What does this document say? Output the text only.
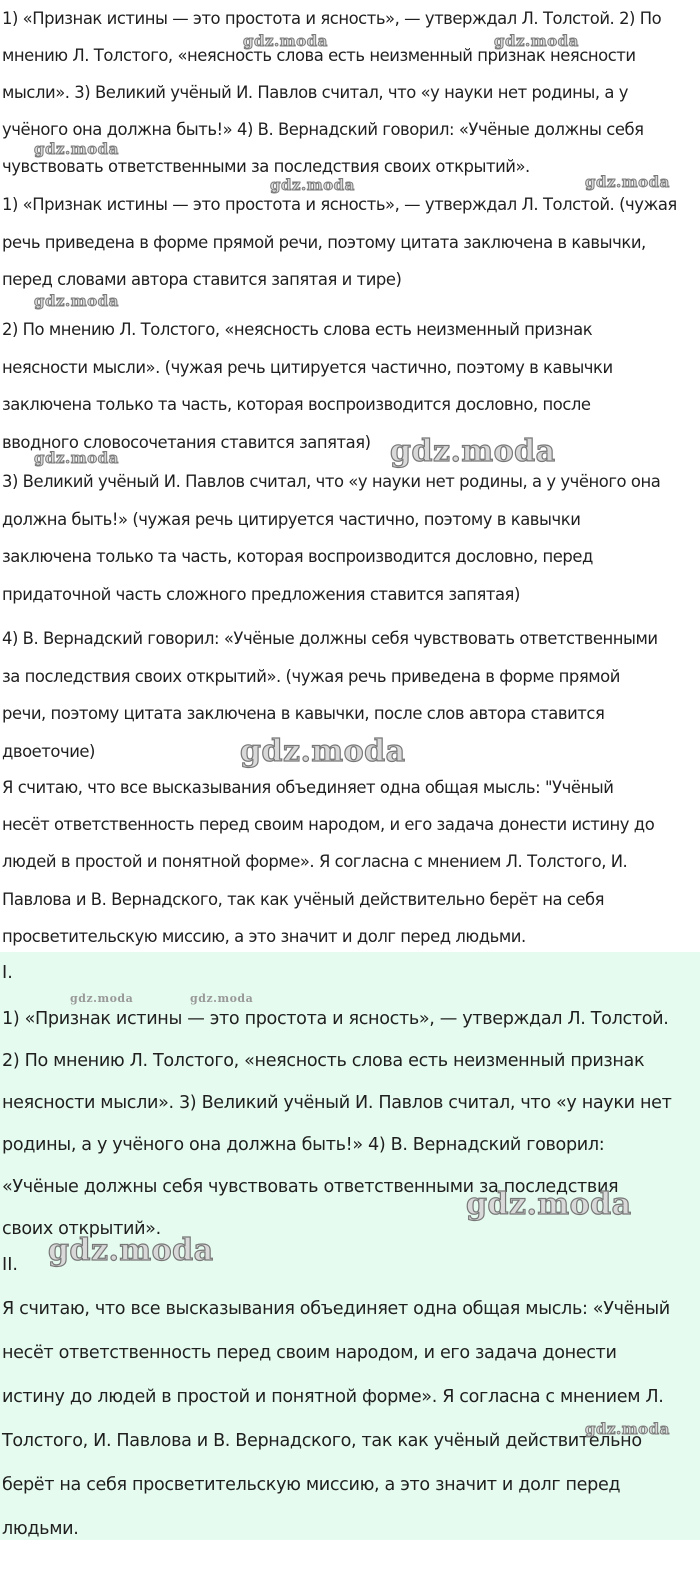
1) «Признак истины — это простота и ясность», — утверждал Л. Толстой. 2) По
мнению Л. Толстого, «неясность слова есть неизменный признак неясности
мысли». 3) Великий учёный И. Павлов считал, что «у науки нет родины, а у
учёного она должна быть!» 4) В. Вернадский говорил: «Учёные должны себя
чувствовать ответственными за последствия своих открытий».
1) «Признак истины — это простота и ясность», — утверждал Л. Толстой. (чужая
речь приведена в форме прямой речи, поэтому цитата заключена в кавычки,
перед словами автора ставится запятая и тире)
2) По мнению Л. Толстого, «неясность слова есть неизменный признак
неясности мысли». (чужая речь цитируется частично, поэтому в кавычки
заключена только та часть, которая воспроизводится дословно, после
вводного словосочетания ставится запятая)
3) Великий учёный И. Павлов считал, что «у науки нет родины, а у учёного она
должна быть!» (чужая речь цитируется частично, поэтому в кавычки
заключена только та часть, которая воспроизводится дословно, перед
придаточной часть сложного предложения ставится запятая)
4) В. Вернадский говорил: «Учёные должны себя чувствовать ответственными
за последствия своих открытий». (чужая речь приведена в форме прямой
речи, поэтому цитата заключена в кавычки, после слов автора ставится
двоеточие)
Я считаю, что все высказывания объединяет одна общая мысль: "Учёный
несёт ответственность перед своим народом, и его задача донести истину до
людей в простой и понятной форме». Я согласна с мнением Л. Толстого, И.
Павлова и В. Вернадского, так как учёный действительно берёт на себя
просветительскую миссию, а это значит и долг перед людьми.
I.
1) «Признак истины — это простота и ясность», — утверждал Л. Толстой.
2) По мнению Л. Толстого, «неясность слова есть неизменный признак
неясности мысли». 3) Великий учёный И. Павлов считал, что «у науки нет
родины, а у учёного она должна быть!» 4) В. Вернадский говорил:
«Учёные должны себя чувствовать ответственными за последствия
своих открытий».
II.
Я считаю, что все высказывания объединяет одна общая мысль: «Учёный
несёт ответственность перед своим народом, и его задача донести
истину до людей в простой и понятной форме». Я согласна с мнением Л.
Толстого, И. Павлова и В. Вернадского, так как учёный действительно
берёт на себя просветительскую миссию, а это значит и долг перед
людьми.
gdz.moda	gdz.moda
gdz.moda
gdz.moda	gdz.moda
gdz.moda
gdz.moda	gdz.moda
gdz.moda
gdz.moda	gdz.moda
gdz.moda
gdz.moda
gdz.moda
